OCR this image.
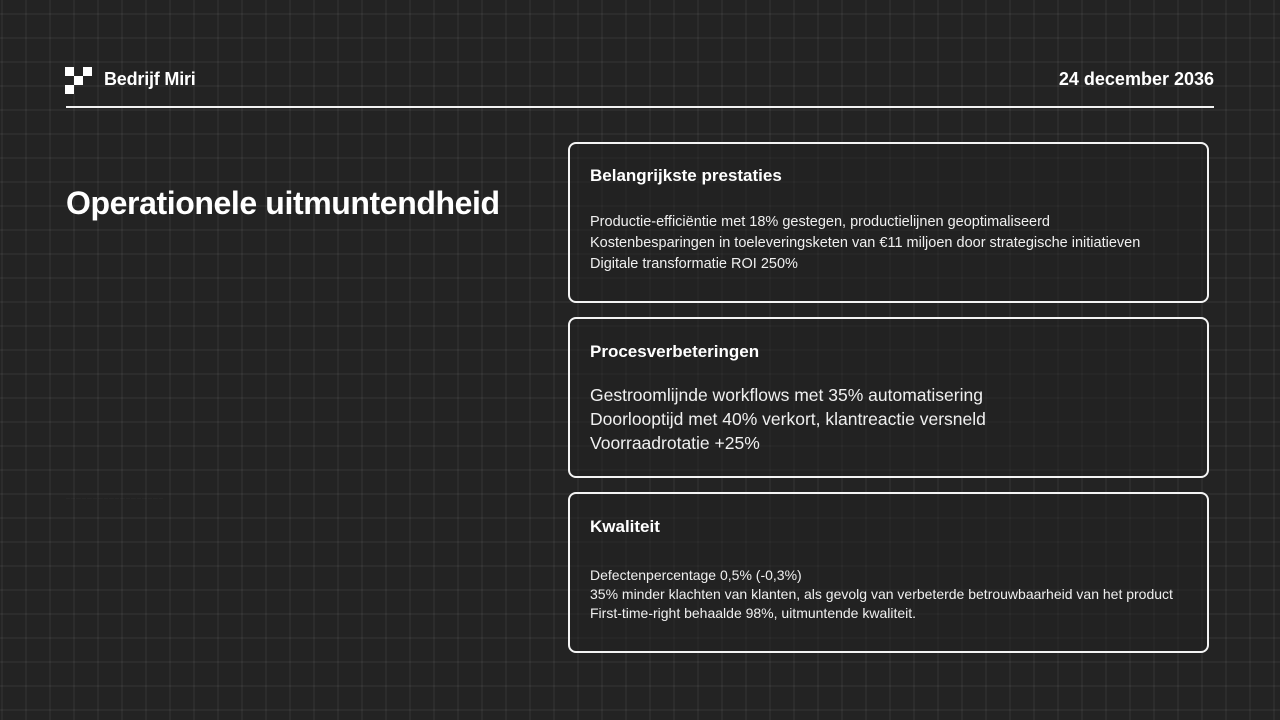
Bedrijf Miri	24 december 2036
Operationele uitmuntendheid
· · · · · · · · · · · · · · · · · · · · · · · · · · · · · · · · · · · · · · · · · · · · · · · · · · · · · · · · · · · · · · · · · · · · · · · · · · · · · · · ·
Belangrijkste prestaties
Productie-efficiëntie met 18% gestegen, productielijnen geoptimaliseerd
Kostenbesparingen in toeleveringsketen van €11 miljoen door strategische initiatieven
Digitale transformatie ROI 250%
Procesverbeteringen
Gestroomlijnde workflows met 35% automatisering
Doorlooptijd met 40% verkort, klantreactie versneld
Voorraadrotatie +25%
Kwaliteit
Defectenpercentage 0,5% (-0,3%)
35% minder klachten van klanten, als gevolg van verbeterde betrouwbaarheid van het product
First-time-right behaalde 98%, uitmuntende kwaliteit.
